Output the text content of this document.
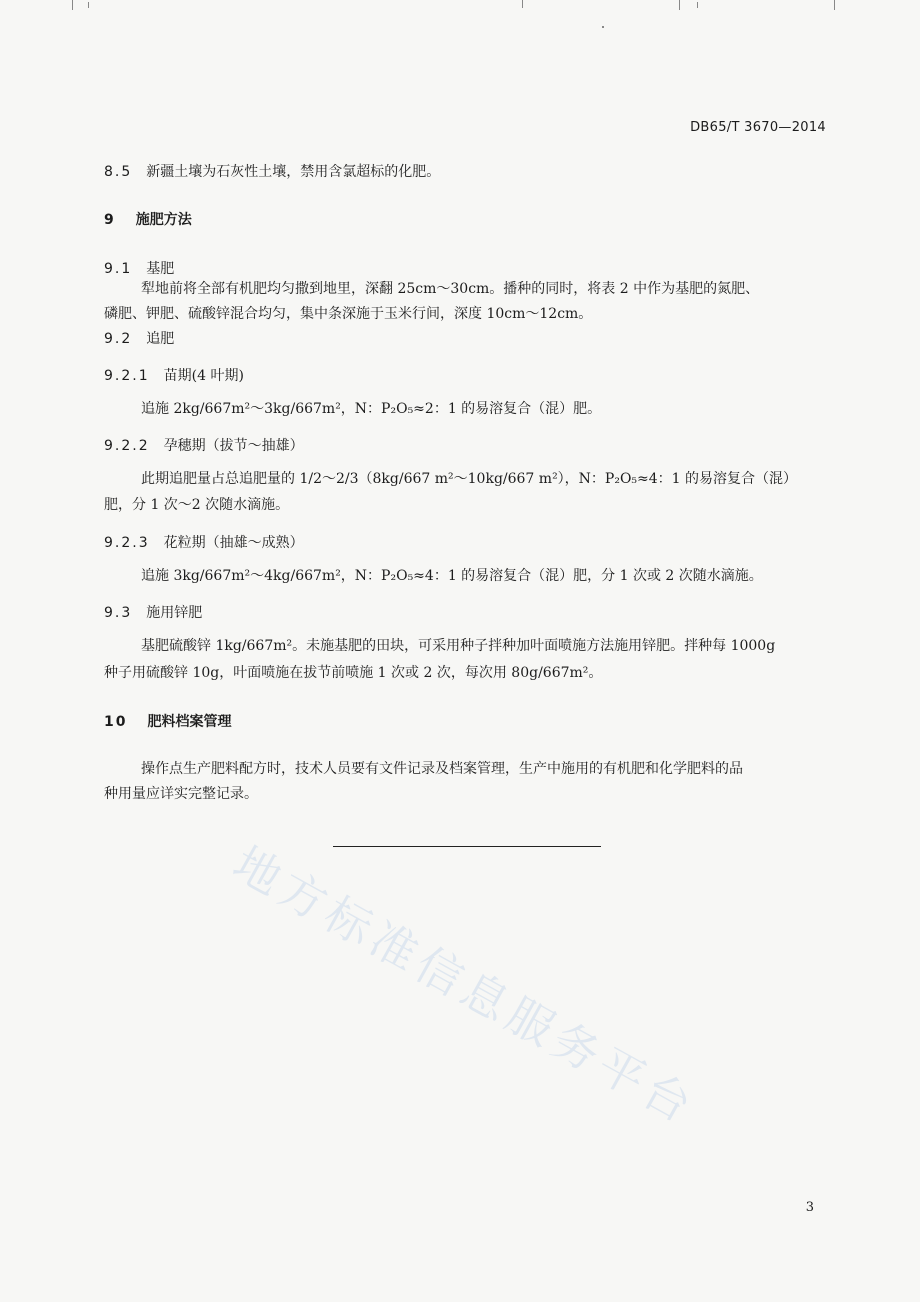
DB65/T 3670—2014
8.5 新疆土壤为石灰性土壤，禁用含氯超标的化肥。
9 施肥方法
9.1 基肥
犁地前将全部有机肥均匀撒到地里，深翻 25cm～30cm。播种的同时，将表 2 中作为基肥的氮肥、
磷肥、钾肥、硫酸锌混合均匀，集中条深施于玉米行间，深度 10cm～12cm。
9.2 追肥
9.2.1 苗期(4 叶期)
追施 2kg/667m²～3kg/667m²，N：P₂O₅≈2：1 的易溶复合（混）肥。
9.2.2 孕穗期（拔节～抽雄）
此期追肥量占总追肥量的 1/2～2/3（8kg/667 m²～10kg/667 m²），N：P₂O₅≈4：1 的易溶复合（混）
肥，分 1 次～2 次随水滴施。
9.2.3 花粒期（抽雄～成熟）
追施 3kg/667m²～4kg/667m²，N：P₂O₅≈4：1 的易溶复合（混）肥，分 1 次或 2 次随水滴施。
9.3 施用锌肥
基肥硫酸锌 1kg/667m²。未施基肥的田块，可采用种子拌种加叶面喷施方法施用锌肥。拌种每 1000g
种子用硫酸锌 10g，叶面喷施在拔节前喷施 1 次或 2 次，每次用 80g/667m²。
10 肥料档案管理
操作点生产肥料配方时，技术人员要有文件记录及档案管理，生产中施用的有机肥和化学肥料的品
种用量应详实完整记录。
地方标准信息服务平台
3
